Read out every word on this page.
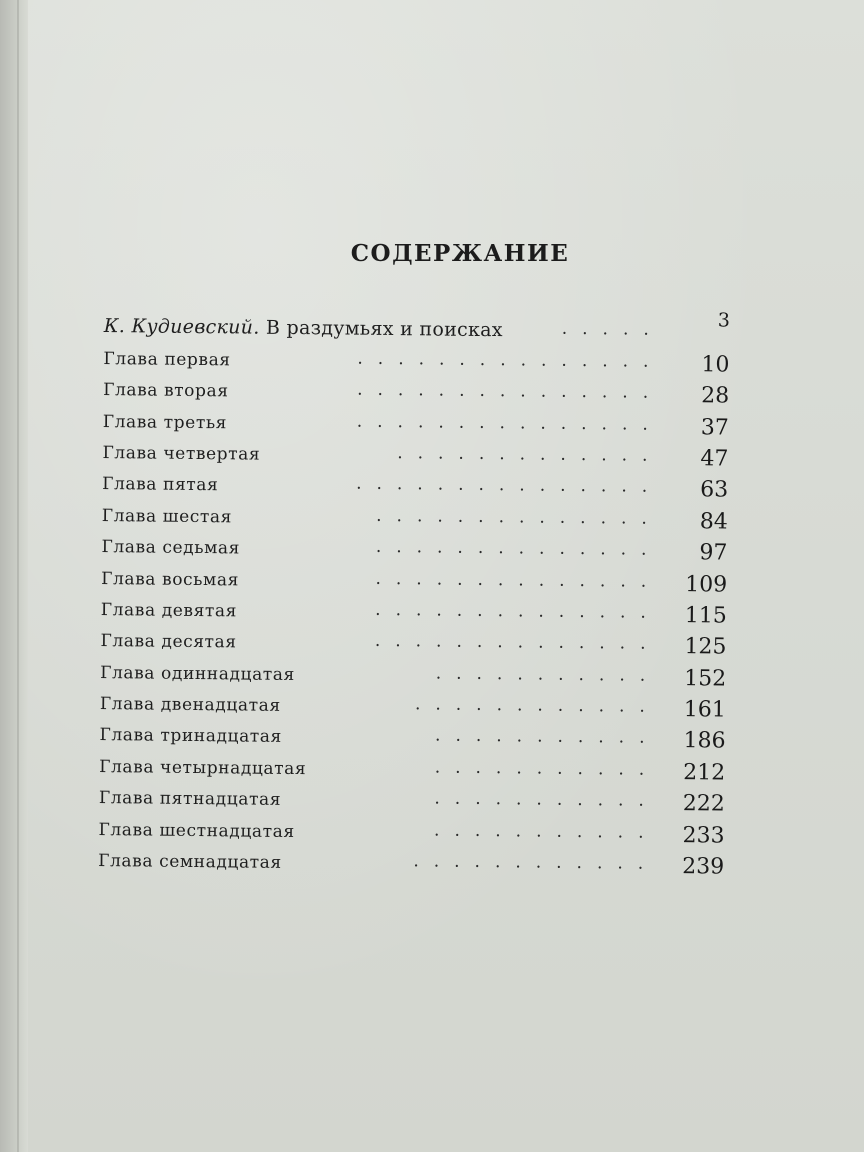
СОДЕРЖАНИЕ
К. Кудиевский. В раздумьях и поисках	.....	3
Глава первая	............... 10
Глава вторая	............... 28
Глава третья	............... 37
Глава четвертая	............. 47
Глава пятая	............... 63
Глава шестая	.............. 84
Глава седьмая	.............. 97
Глава восьмая	.............. 109
Глава девятая	.............. 115
Глава десятая	.............. 125
Глава одиннадцатая	........... 152
Глава двенадцатая	............ 161
Глава тринадцатая	........... 186
Глава четырнадцатая	........... 212
Глава пятнадцатая	........... 222
Глава шестнадцатая	........... 233
Глава семнадцатая	............ 239
